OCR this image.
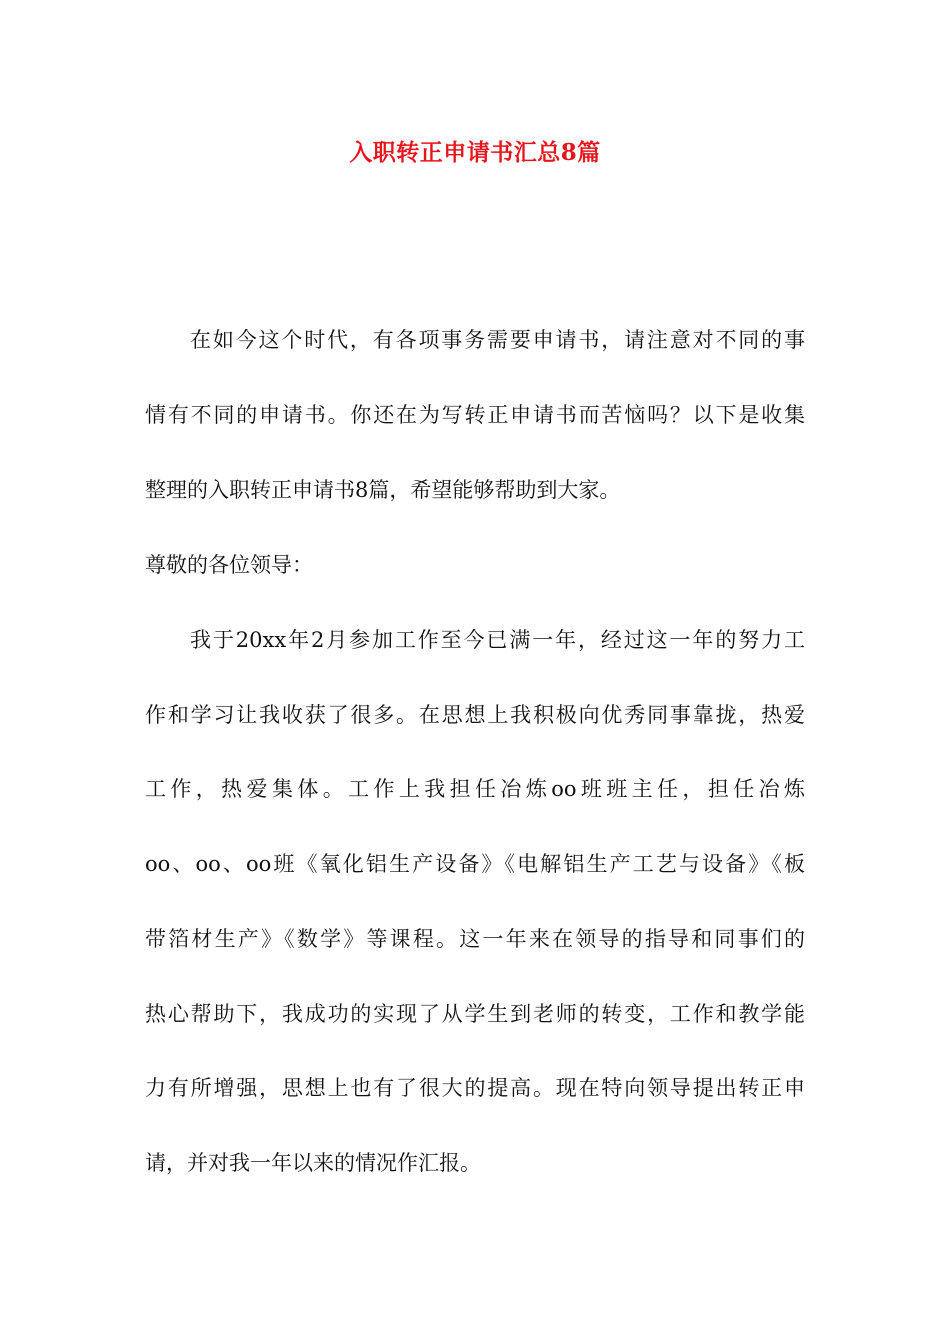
入职转正申请书汇总8篇
在如今这个时代，有各项事务需要申请书，请注意对不同的事
情有不同的申请书。你还在为写转正申请书而苦恼吗？以下是收集
整理的入职转正申请书8篇，希望能够帮助到大家。
尊敬的各位领导：
我于20xx年2月参加工作至今已满一年，经过这一年的努力工
作和学习让我收获了很多。在思想上我积极向优秀同事靠拢，热爱
工作，热爱集体。工作上我担任冶炼oo班班主任，担任冶炼
oo、oo、oo班《氧化铝生产设备》《电解铝生产工艺与设备》《板
带箔材生产》《数学》等课程。这一年来在领导的指导和同事们的
热心帮助下，我成功的实现了从学生到老师的转变，工作和教学能
力有所增强，思想上也有了很大的提高。现在特向领导提出转正申
请，并对我一年以来的情况作汇报。
